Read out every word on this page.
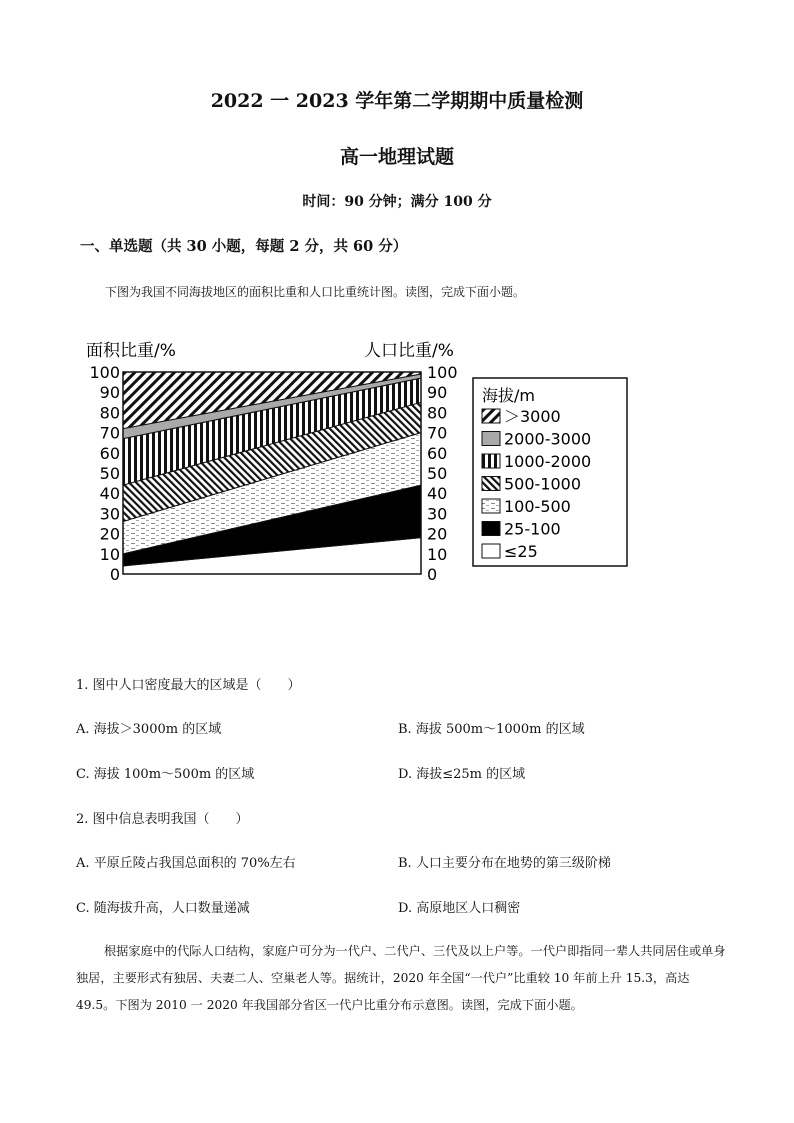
2022 一 2023 学年第二学期期中质量检测
高一地理试题
时间：90 分钟；满分 100 分
一、单选题（共 30 小题，每题 2 分，共 60 分）
下图为我国不同海拔地区的面积比重和人口比重统计图。读图，完成下面小题。
0
10
20
30
40
50
60
70
80
90
100
0
10
20
30
40
50
60
70
80
90
100
面积比重/%	人口比重/%
海拔/m
＞3000
2000-3000
1000-2000
500-1000
100-500
25-100
≤25
1. 图中人口密度最大的区域是（　　）
A. 海拔＞3000m 的区域	B. 海拔 500m～1000m 的区域
C. 海拔 100m～500m 的区域	D. 海拔≤25m 的区域
2. 图中信息表明我国（　　）
A. 平原丘陵占我国总面积的 70%左右	B. 人口主要分布在地势的第三级阶梯
C. 随海拔升高，人口数量递减	D. 高原地区人口稠密
根据家庭中的代际人口结构，家庭户可分为一代户、二代户、三代及以上户等。一代户即指同一辈人共同居住或单身独居，主要形式有独居、夫妻二人、空巢老人等。据统计，2020 年全国“一代户”比重较 10 年前上升 15.3，高达 49.5。下图为 2010 一 2020 年我国部分省区一代户比重分布示意图。读图，完成下面小题。
